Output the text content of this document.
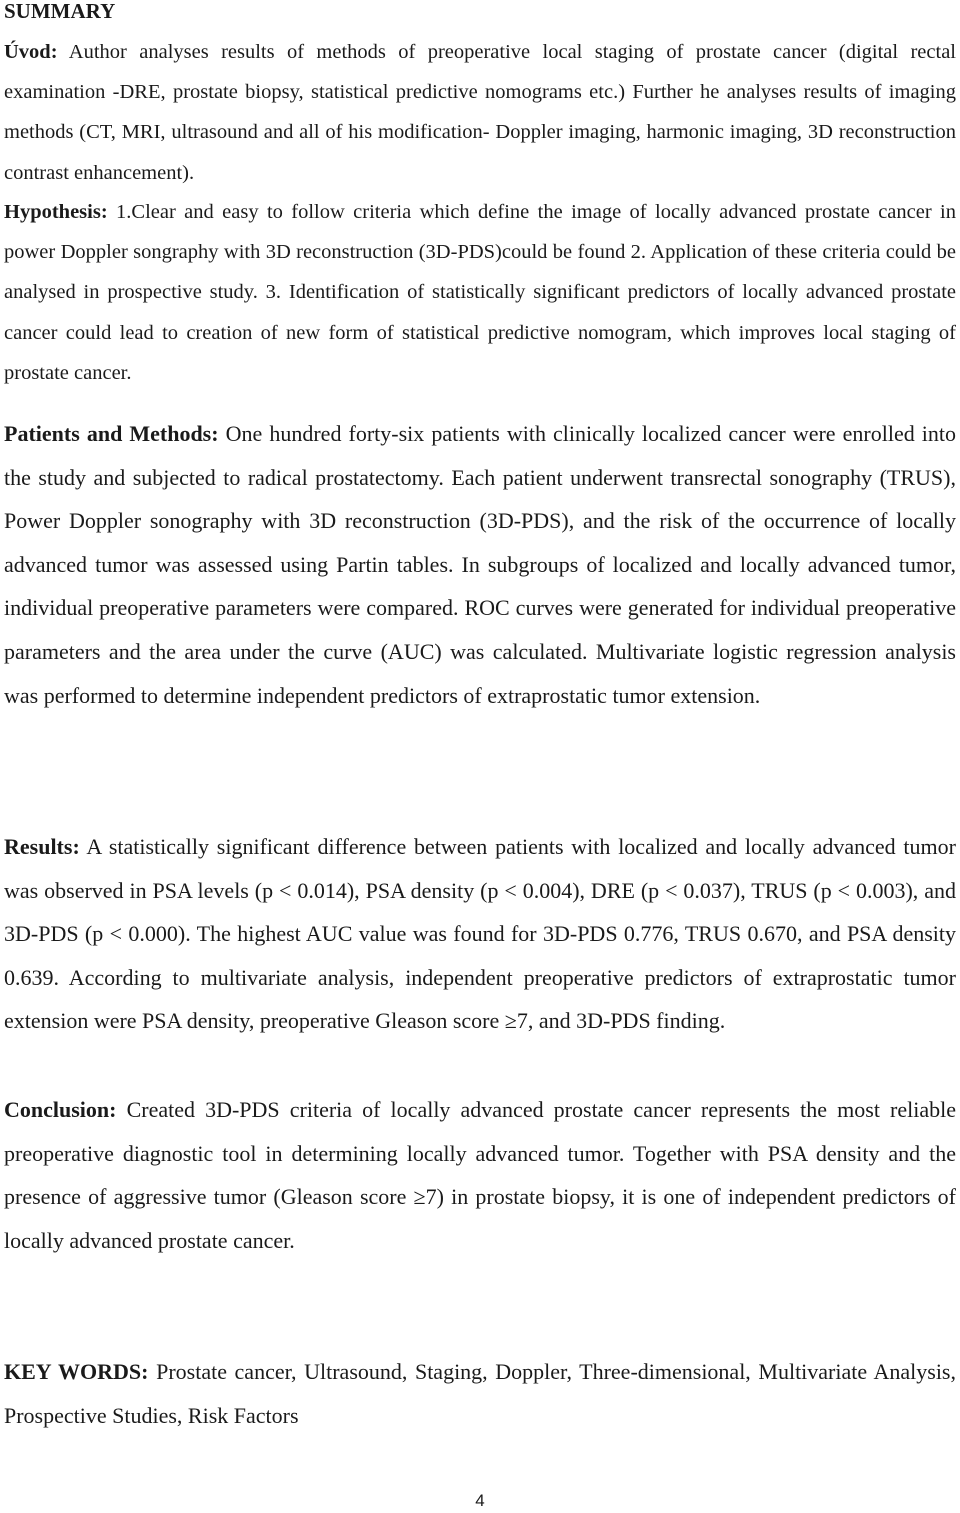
SUMMARY

Úvod: Author analyses results of methods of preoperative local staging of prostate cancer (digital rectal examination -DRE, prostate biopsy, statistical predictive nomograms etc.) Further he analyses results of imaging methods (CT, MRI, ultrasound and all of his modification- Doppler imaging, harmonic imaging, 3D reconstruction contrast enhancement).

Hypothesis: 1.Clear and easy to follow criteria which define the image of locally advanced prostate cancer in power Doppler songraphy with 3D reconstruction (3D-PDS)could be found 2. Application of these criteria could be analysed in prospective study. 3. Identification of statistically significant predictors of locally advanced prostate cancer could lead to creation of new form of statistical predictive nomogram, which improves local staging of prostate cancer.

Patients and Methods: One hundred forty-six patients with clinically localized cancer were enrolled into the study and subjected to radical prostatectomy. Each patient underwent transrectal sonography (TRUS), Power Doppler sonography with 3D reconstruction (3D-PDS), and the risk of the occurrence of locally advanced tumor was assessed using Partin tables. In subgroups of localized and locally advanced tumor, individual preoperative parameters were compared. ROC curves were generated for individual preoperative parameters and the area under the curve (AUC) was calculated. Multivariate logistic regression analysis was performed to determine independent predictors of extraprostatic tumor extension.

Results: A statistically significant difference between patients with localized and locally advanced tumor was observed in PSA levels (p < 0.014), PSA density (p < 0.004), DRE (p < 0.037), TRUS (p < 0.003), and 3D-PDS (p < 0.000). The highest AUC value was found for 3D-PDS 0.776, TRUS 0.670, and PSA density 0.639. According to multivariate analysis, independent preoperative predictors of extraprostatic tumor extension were PSA density, preoperative Gleason score ≥7, and 3D-PDS finding.

Conclusion: Created 3D-PDS criteria of locally advanced prostate cancer represents the most reliable preoperative diagnostic tool in determining locally advanced tumor. Together with PSA density and the presence of aggressive tumor (Gleason score ≥7) in prostate biopsy, it is one of independent predictors of locally advanced prostate cancer.

KEY WORDS: Prostate cancer, Ultrasound, Staging, Doppler, Three-dimensional, Multivariate Analysis, Prospective Studies, Risk Factors

4
